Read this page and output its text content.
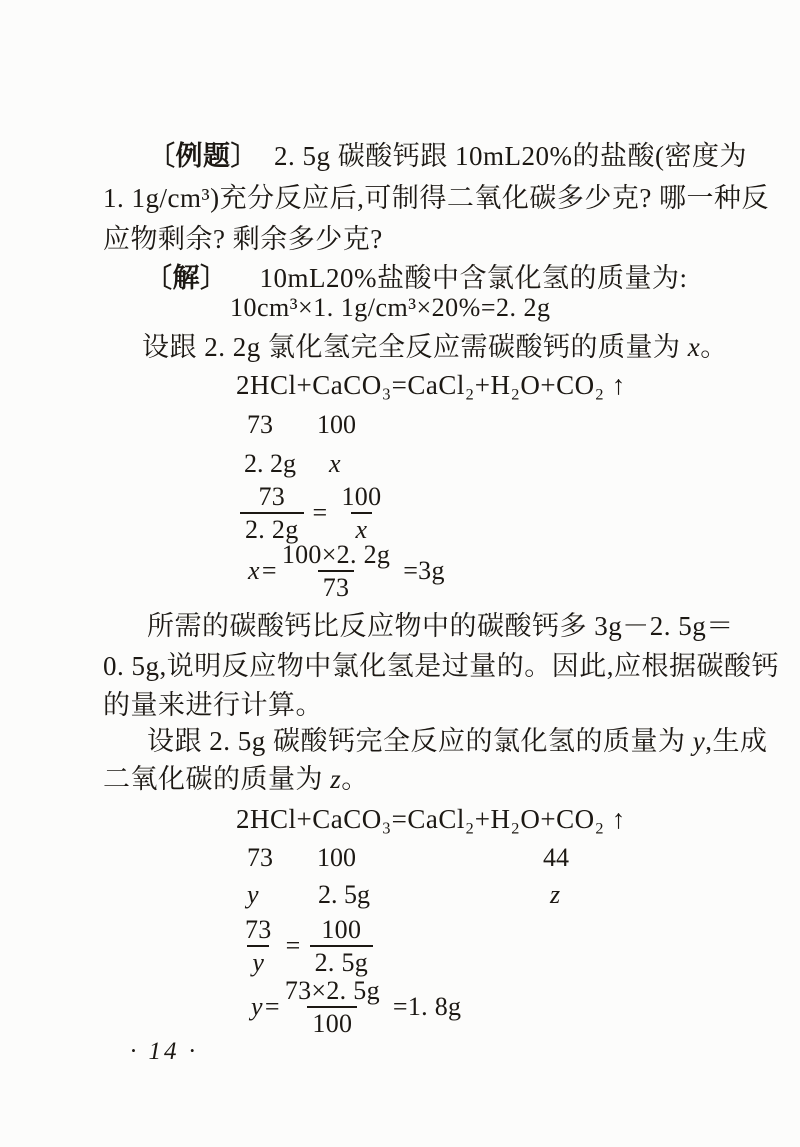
〔例题〕 2. 5g 碳酸钙跟 10mL20%的盐酸(密度为
1. 1g/cm³)充分反应后,可制得二氧化碳多少克? 哪一种反
应物剩余? 剩余多少克?
〔解〕 10mL20%盐酸中含氯化氢的质量为:
10cm³×1. 1g/cm³×20%=2. 2g
设跟 2. 2g 氯化氢完全反应需碳酸钙的质量为 x。
2HCl+CaCO₃=CaCl₂+H₂O+CO₂ ↑
73 100
2. 2g x
$\frac{73}{2. 2g} = \frac{100}{x}$
$x = \frac{100\times 2. 2g}{73} =3g$
所需的碳酸钙比反应物中的碳酸钙多 3g－2. 5g＝
0. 5g,说明反应物中氯化氢是过量的。因此,应根据碳酸钙
的量来进行计算。
设跟 2. 5g 碳酸钙完全反应的氯化氢的质量为 y,生成
二氧化碳的质量为 z。
2HCl+CaCO₃=CaCl₂+H₂O+CO₂ ↑
73 100	44
y 2. 5g	z
$\frac{73}{y} = \frac{100}{2. 5g}$
$y = \frac{73\times 2. 5g}{100} =1$. 8g
· 14 ·
